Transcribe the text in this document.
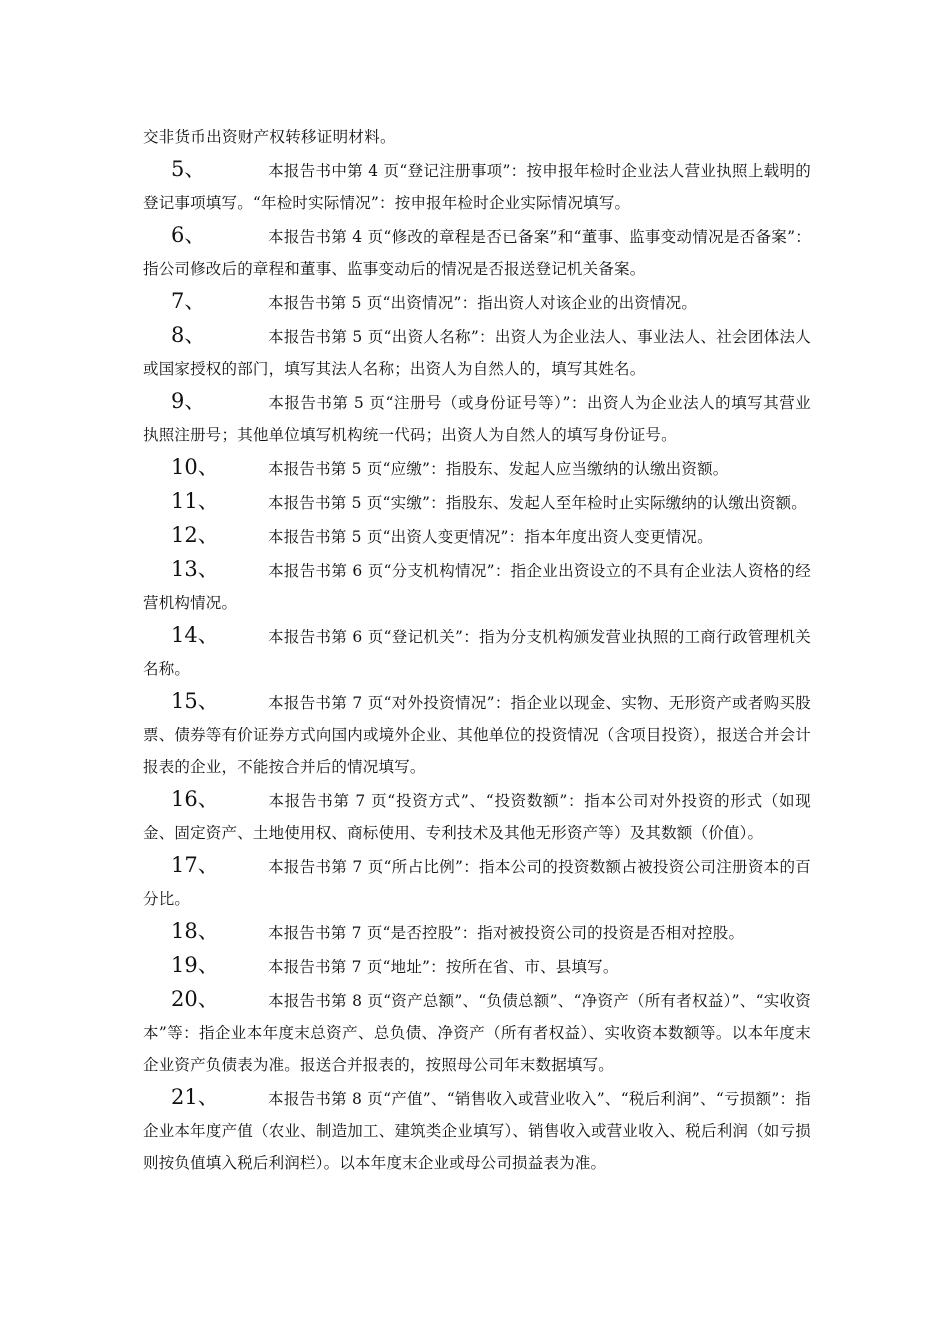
交非货币出资财产权转移证明材料。

5、	本报告书中第 4 页“登记注册事项”：按申报年检时企业法人营业执照上载明的登记事项填写。“年检时实际情况”：按申报年检时企业实际情况填写。

6、	本报告书第 4 页“修改的章程是否已备案”和“董事、监事变动情况是否备案”：指公司修改后的章程和董事、监事变动后的情况是否报送登记机关备案。

7、	本报告书第 5 页“出资情况”：指出资人对该企业的出资情况。

8、	本报告书第 5 页“出资人名称”：出资人为企业法人、事业法人、社会团体法人或国家授权的部门，填写其法人名称；出资人为自然人的，填写其姓名。

9、	本报告书第 5 页“注册号（或身份证号等）”：出资人为企业法人的填写其营业执照注册号；其他单位填写机构统一代码；出资人为自然人的填写身份证号。

10、	本报告书第 5 页“应缴”：指股东、发起人应当缴纳的认缴出资额。

11、	本报告书第 5 页“实缴”：指股东、发起人至年检时止实际缴纳的认缴出资额。

12、	本报告书第 5 页“出资人变更情况”：指本年度出资人变更情况。

13、	本报告书第 6 页“分支机构情况”：指企业出资设立的不具有企业法人资格的经营机构情况。

14、	本报告书第 6 页“登记机关”：指为分支机构颁发营业执照的工商行政管理机关名称。

15、	本报告书第 7 页“对外投资情况”：指企业以现金、实物、无形资产或者购买股票、债券等有价证券方式向国内或境外企业、其他单位的投资情况（含项目投资），报送合并会计报表的企业，不能按合并后的情况填写。

16、	本报告书第 7 页“投资方式”、“投资数额”：指本公司对外投资的形式（如现金、固定资产、土地使用权、商标使用、专利技术及其他无形资产等）及其数额（价值）。

17、	本报告书第 7 页“所占比例”：指本公司的投资数额占被投资公司注册资本的百分比。

18、	本报告书第 7 页“是否控股”：指对被投资公司的投资是否相对控股。

19、	本报告书第 7 页“地址”：按所在省、市、县填写。

20、	本报告书第 8 页“资产总额”、“负债总额”、“净资产（所有者权益）”、“实收资本”等：指企业本年度末总资产、总负债、净资产（所有者权益）、实收资本数额等。以本年度末企业资产负债表为准。报送合并报表的，按照母公司年末数据填写。

21、	本报告书第 8 页“产值”、“销售收入或营业收入”、“税后利润”、“亏损额”：指企业本年度产值（农业、制造加工、建筑类企业填写）、销售收入或营业收入、税后利润（如亏损则按负值填入税后利润栏）。以本年度末企业或母公司损益表为准。
